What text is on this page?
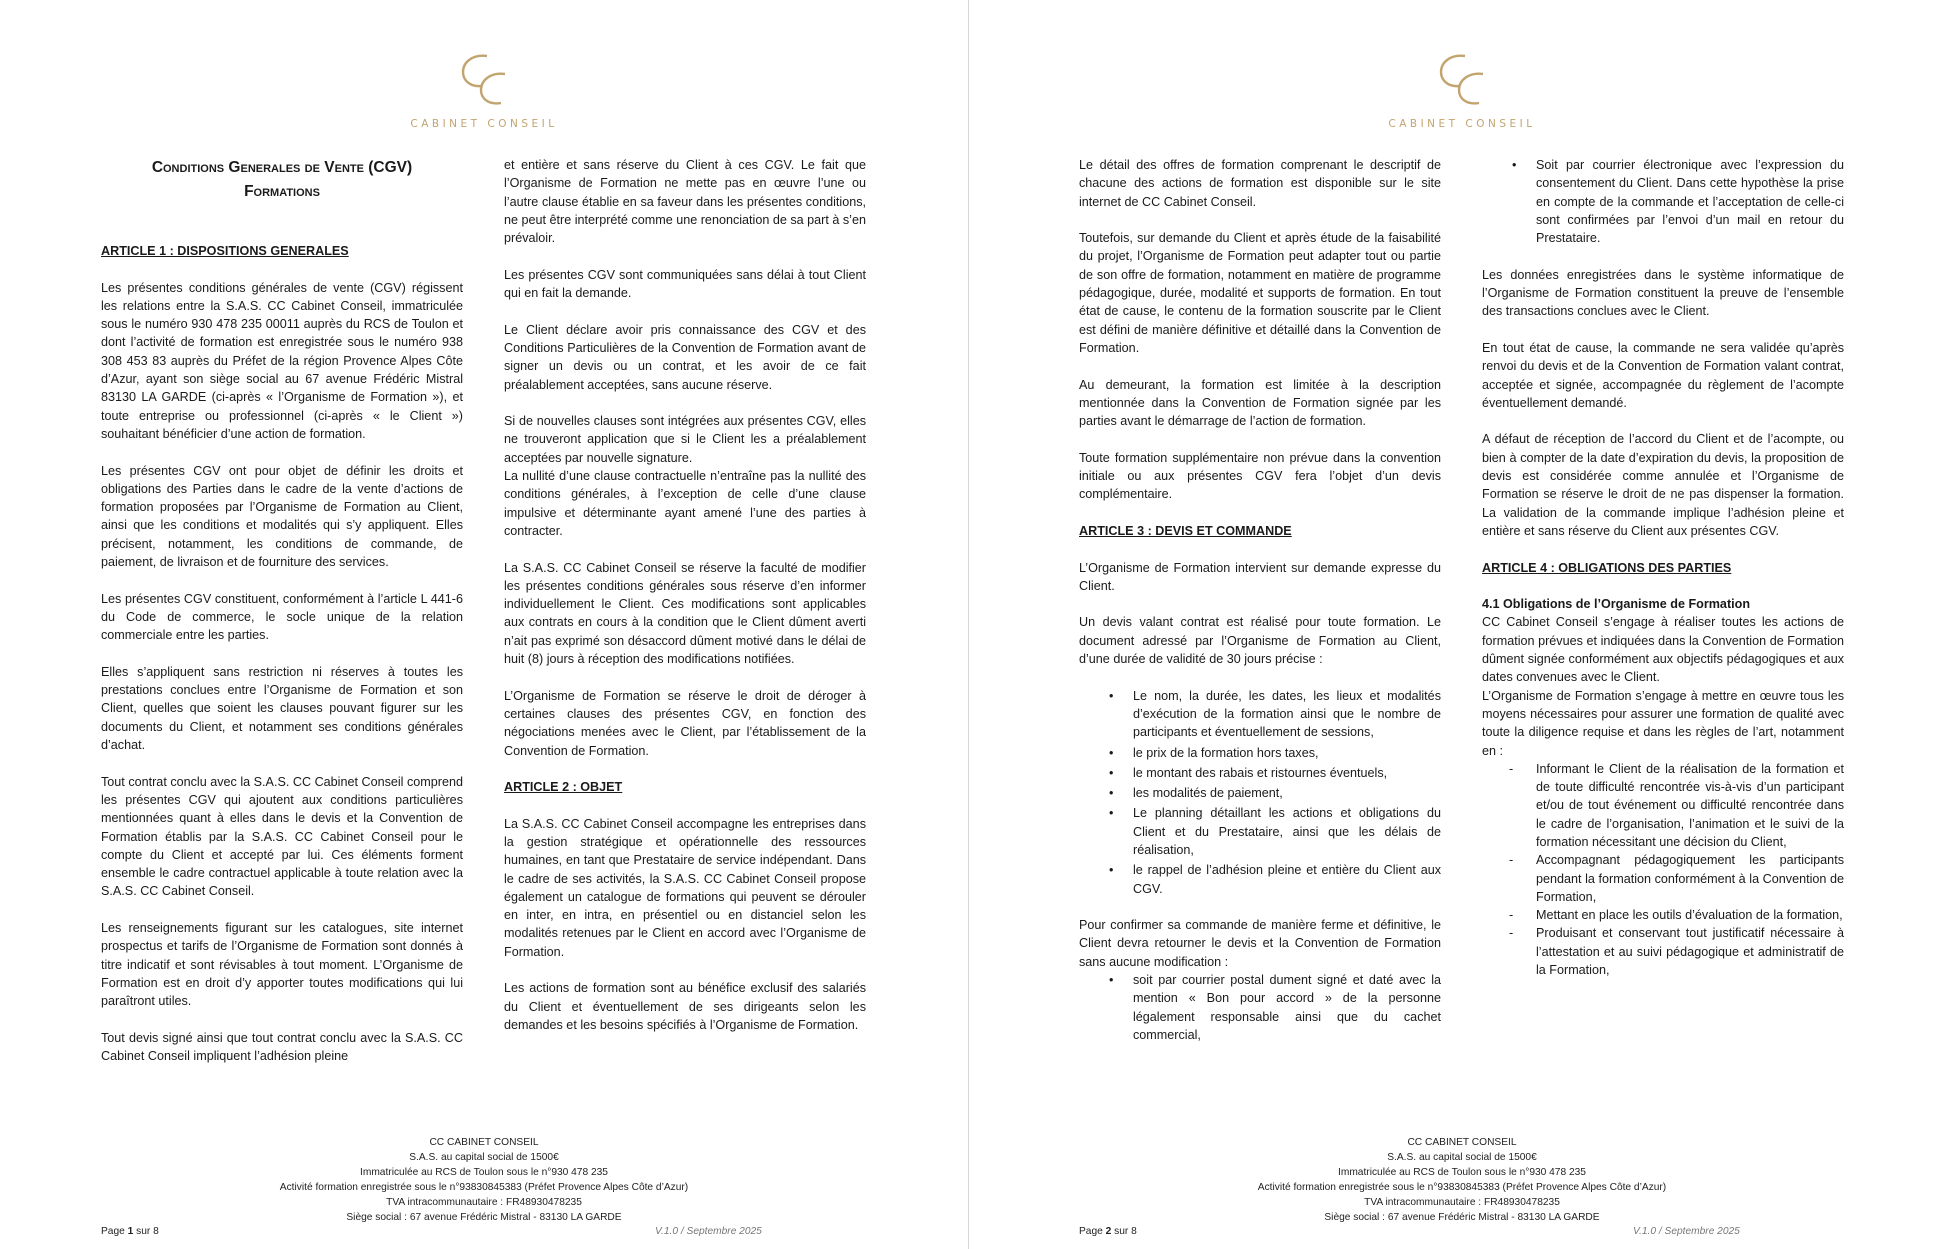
CABINET CONSEIL
Conditions Generales de Vente (CGV)
Formations
ARTICLE 1 : DISPOSITIONS GENERALES

Les présentes conditions générales de vente (CGV) régissent les relations entre la S.A.S. CC Cabinet Conseil, immatriculée sous le numéro 930 478 235 00011 auprès du RCS de Toulon et dont l’activité de formation est enregistrée sous le numéro 938 308 453 83 auprès du Préfet de la région Provence Alpes Côte d’Azur, ayant son siège social au 67 avenue Frédéric Mistral 83130 LA GARDE (ci-après « l’Organisme de Formation »), et toute entreprise ou professionnel (ci-après « le Client ») souhaitant bénéficier d’une action de formation.

Les présentes CGV ont pour objet de définir les droits et obligations des Parties dans le cadre de la vente d’actions de formation proposées par l’Organisme de Formation au Client, ainsi que les conditions et modalités qui s’y appliquent. Elles précisent, notamment, les conditions de commande, de paiement, de livraison et de fourniture des services.

Les présentes CGV constituent, conformément à l’article L 441-6 du Code de commerce, le socle unique de la relation commerciale entre les parties.

Elles s’appliquent sans restriction ni réserves à toutes les prestations conclues entre l’Organisme de Formation et son Client, quelles que soient les clauses pouvant figurer sur les documents du Client, et notamment ses conditions générales d’achat.

Tout contrat conclu avec la S.A.S. CC Cabinet Conseil comprend les présentes CGV qui ajoutent aux conditions particulières mentionnées quant à elles dans le devis et la Convention de Formation établis par la S.A.S. CC Cabinet Conseil pour le compte du Client et accepté par lui. Ces éléments forment ensemble le cadre contractuel applicable à toute relation avec la S.A.S. CC Cabinet Conseil.

Les renseignements figurant sur les catalogues, site internet prospectus et tarifs de l’Organisme de Formation sont donnés à titre indicatif et sont révisables à tout moment. L’Organisme de Formation est en droit d’y apporter toutes modifications qui lui paraîtront utiles.

Tout devis signé ainsi que tout contrat conclu avec la S.A.S. CC Cabinet Conseil impliquent l’adhésion pleine

et entière et sans réserve du Client à ces CGV. Le fait que l’Organisme de Formation ne mette pas en œuvre l’une ou l’autre clause établie en sa faveur dans les présentes conditions, ne peut être interprété comme une renonciation de sa part à s’en prévaloir.

Les présentes CGV sont communiquées sans délai à tout Client qui en fait la demande.

Le Client déclare avoir pris connaissance des CGV et des Conditions Particulières de la Convention de Formation avant de signer un devis ou un contrat, et les avoir de ce fait préalablement acceptées, sans aucune réserve.

Si de nouvelles clauses sont intégrées aux présentes CGV, elles ne trouveront application que si le Client les a préalablement acceptées par nouvelle signature.

La nullité d’une clause contractuelle n’entraîne pas la nullité des conditions générales, à l’exception de celle d’une clause impulsive et déterminante ayant amené l’une des parties à contracter.

La S.A.S. CC Cabinet Conseil se réserve la faculté de modifier les présentes conditions générales sous réserve d’en informer individuellement le Client. Ces modifications sont applicables aux contrats en cours à la condition que le Client dûment averti n’ait pas exprimé son désaccord dûment motivé dans le délai de huit (8) jours à réception des modifications notifiées.

L’Organisme de Formation se réserve le droit de déroger à certaines clauses des présentes CGV, en fonction des négociations menées avec le Client, par l’établissement de la Convention de Formation.

ARTICLE 2 : OBJET

La S.A.S. CC Cabinet Conseil accompagne les entreprises dans la gestion stratégique et opérationnelle des ressources humaines, en tant que Prestataire de service indépendant. Dans le cadre de ses activités, la S.A.S. CC Cabinet Conseil propose également un catalogue de formations qui peuvent se dérouler en inter, en intra, en présentiel ou en distanciel selon les modalités retenues par le Client en accord avec l’Organisme de Formation.

Les actions de formation sont au bénéfice exclusif des salariés du Client et éventuellement de ses dirigeants selon les demandes et les besoins spécifiés à l’Organisme de Formation.

CC CABINET CONSEIL
S.A.S. au capital social de 1500€
Immatriculée au RCS de Toulon sous le n°930 478 235
Activité formation enregistrée sous le n°93830845383 (Préfet Provence Alpes Côte d’Azur)
TVA intracommunautaire : FR48930478235
Siège social : 67 avenue Frédéric Mistral - 83130 LA GARDE
Page 1 sur 8	V.1.0 / Septembre 2025
CABINET CONSEIL

Le détail des offres de formation comprenant le descriptif de chacune des actions de formation est disponible sur le site internet de CC Cabinet Conseil.

Toutefois, sur demande du Client et après étude de la faisabilité du projet, l’Organisme de Formation peut adapter tout ou partie de son offre de formation, notamment en matière de programme pédagogique, durée, modalité et supports de formation. En tout état de cause, le contenu de la formation souscrite par le Client est défini de manière définitive et détaillé dans la Convention de Formation.

Au demeurant, la formation est limitée à la description mentionnée dans la Convention de Formation signée par les parties avant le démarrage de l’action de formation.

Toute formation supplémentaire non prévue dans la convention initiale ou aux présentes CGV fera l’objet d’un devis complémentaire.

ARTICLE 3 : DEVIS ET COMMANDE

L’Organisme de Formation intervient sur demande expresse du Client.

Un devis valant contrat est réalisé pour toute formation. Le document adressé par l’Organisme de Formation au Client, d’une durée de validité de 30 jours précise :

• Le nom, la durée, les dates, les lieux et modalités d’exécution de la formation ainsi que le nombre de participants et éventuellement de sessions,
• le prix de la formation hors taxes,
• le montant des rabais et ristournes éventuels,
• les modalités de paiement,
• Le planning détaillant les actions et obligations du Client et du Prestataire, ainsi que les délais de réalisation,
• le rappel de l’adhésion pleine et entière du Client aux CGV.

Pour confirmer sa commande de manière ferme et définitive, le Client devra retourner le devis et la Convention de Formation sans aucune modification :

• soit par courrier postal dument signé et daté avec la mention « Bon pour accord » de la personne légalement responsable ainsi que du cachet commercial,
• Soit par courrier électronique avec l’expression du consentement du Client. Dans cette hypothèse la prise en compte de la commande et l’acceptation de celle-ci sont confirmées par l’envoi d’un mail en retour du Prestataire.

Les données enregistrées dans le système informatique de l’Organisme de Formation constituent la preuve de l’ensemble des transactions conclues avec le Client.

En tout état de cause, la commande ne sera validée qu’après renvoi du devis et de la Convention de Formation valant contrat, acceptée et signée, accompagnée du règlement de l’acompte éventuellement demandé.

A défaut de réception de l’accord du Client et de l’acompte, ou bien à compter de la date d’expiration du devis, la proposition de devis est considérée comme annulée et l’Organisme de Formation se réserve le droit de ne pas dispenser la formation. La validation de la commande implique l’adhésion pleine et entière et sans réserve du Client aux présentes CGV.

ARTICLE 4 : OBLIGATIONS DES PARTIES
4.1 Obligations de l’Organisme de Formation

CC Cabinet Conseil s’engage à réaliser toutes les actions de formation prévues et indiquées dans la Convention de Formation dûment signée conformément aux objectifs pédagogiques et aux dates convenues avec le Client.

L’Organisme de Formation s’engage à mettre en œuvre tous les moyens nécessaires pour assurer une formation de qualité avec toute la diligence requise et dans les règles de l’art, notamment en :

- Informant le Client de la réalisation de la formation et de toute difficulté rencontrée vis-à-vis d’un participant et/ou de tout événement ou difficulté rencontrée dans le cadre de l’organisation, l’animation et le suivi de la formation nécessitant une décision du Client,
- Accompagnant pédagogiquement les participants pendant la formation conformément à la Convention de Formation,
- Mettant en place les outils d’évaluation de la formation,
- Produisant et conservant tout justificatif nécessaire à l’attestation et au suivi pédagogique et administratif de la Formation,
CC CABINET CONSEIL
S.A.S. au capital social de 1500€
Immatriculée au RCS de Toulon sous le n°930 478 235
Activité formation enregistrée sous le n°93830845383 (Préfet Provence Alpes Côte d’Azur)
TVA intracommunautaire : FR48930478235
Siège social : 67 avenue Frédéric Mistral - 83130 LA GARDE
Page 2 sur 8	V.1.0 / Septembre 2025
